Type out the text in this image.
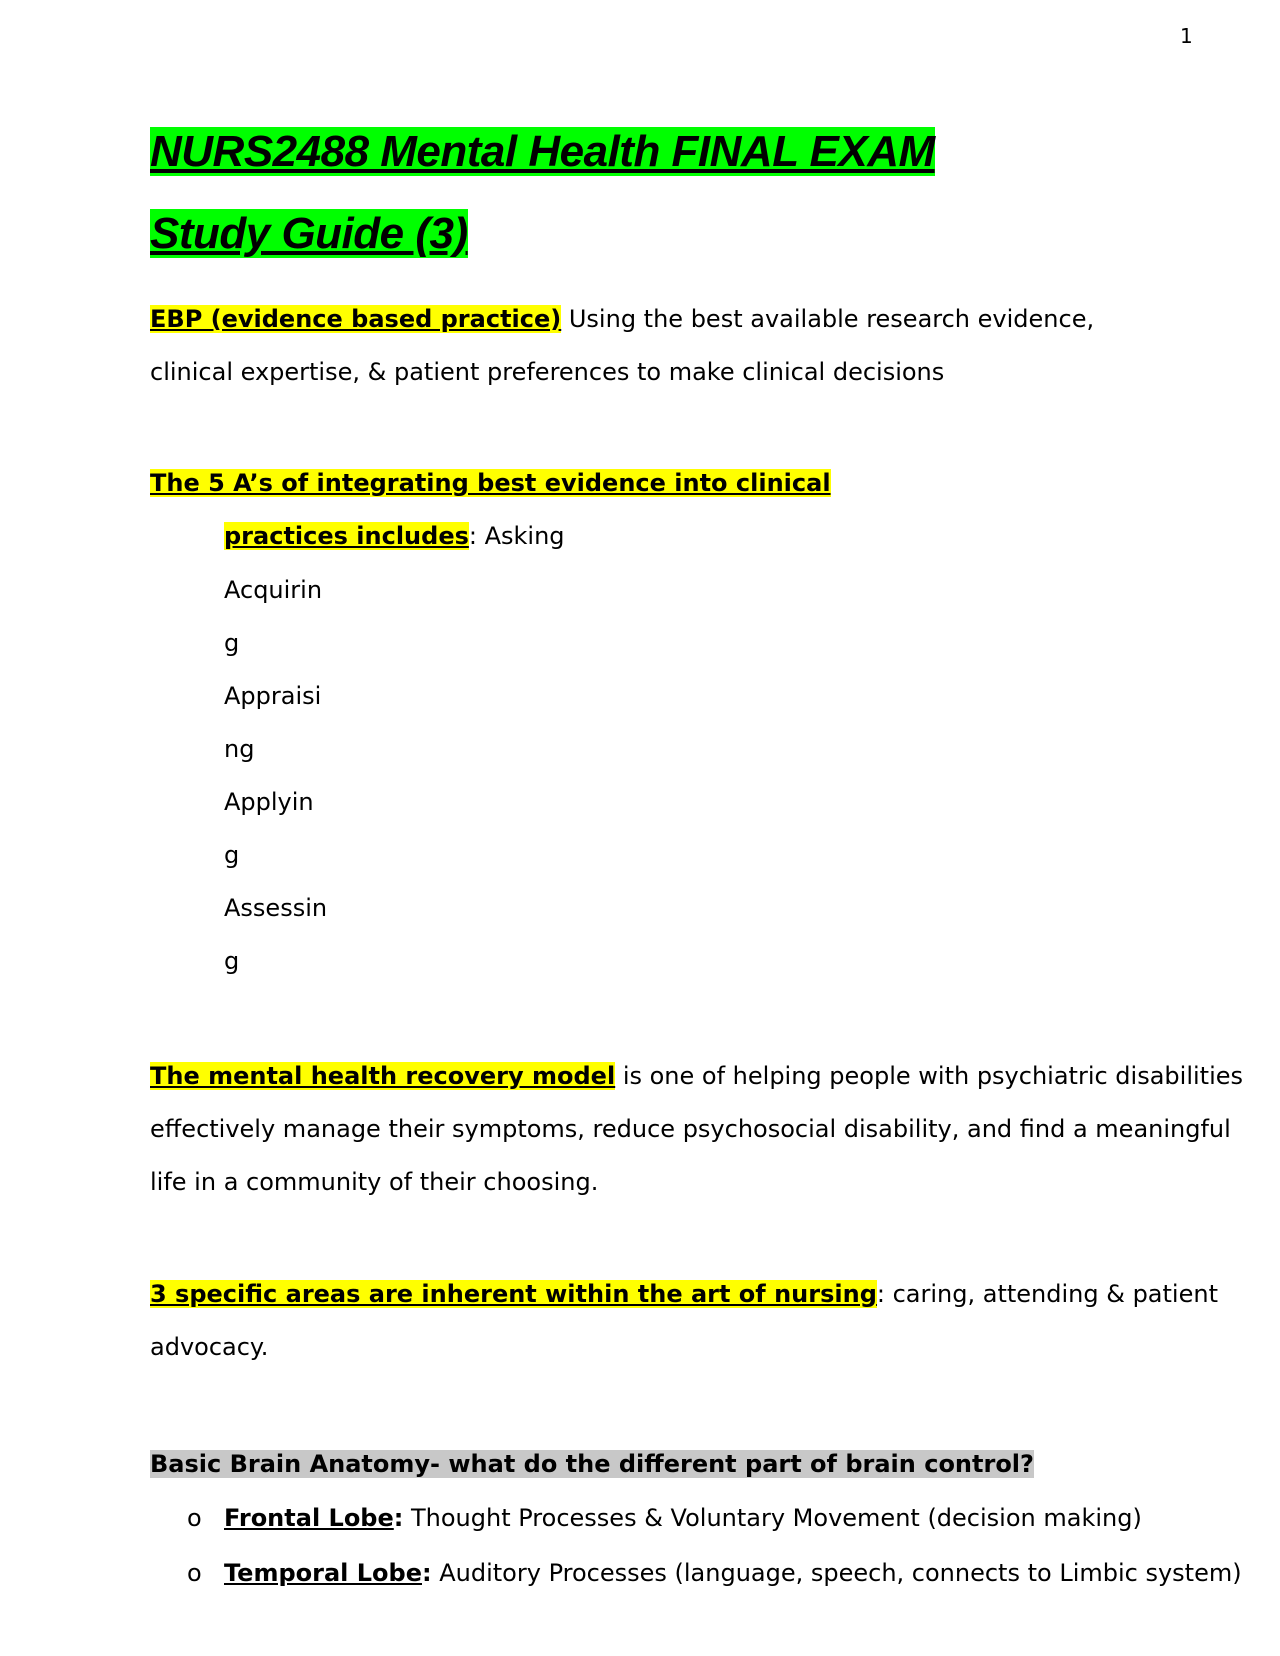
1
NURS2488 Mental Health FINAL EXAM
Study Guide (3)
EBP (evidence based practice) Using the best available research evidence,
clinical expertise, & patient preferences to make clinical decisions
The 5 A’s of integrating best evidence into clinical
practices includes: Asking
Acquirin
g
Appraisi
ng
Applyin
g
Assessin
g
The mental health recovery model is one of helping people with psychiatric disabilities
effectively manage their symptoms, reduce psychosocial disability, and find a meaningful
life in a community of their choosing.
3 specific areas are inherent within the art of nursing: caring, attending & patient
advocacy.
Basic Brain Anatomy- what do the different part of brain control?
o Frontal Lobe: Thought Processes & Voluntary Movement (decision making)
o Temporal Lobe: Auditory Processes (language, speech, connects to Limbic system)
